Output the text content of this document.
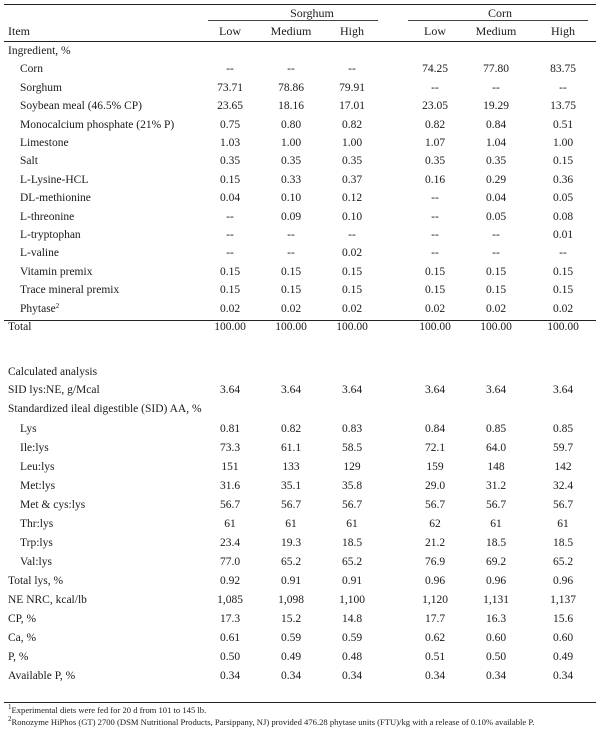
Sorghum	Corn
Item	Low	Medium	High	Low	Medium	High
Ingredient, %
Corn	--	--	--	74.25	77.80	83.75
Sorghum	73.71	78.86	79.91	--	--	--
Soybean meal (46.5% CP)	23.65	18.16	17.01	23.05	19.29	13.75
Monocalcium phosphate (21% P)	0.75	0.80	0.82	0.82	0.84	0.51
Limestone	1.03	1.00	1.00	1.07	1.04	1.00
Salt	0.35	0.35	0.35	0.35	0.35	0.15
L-Lysine-HCL	0.15	0.33	0.37	0.16	0.29	0.36
DL-methionine	0.04	0.10	0.12	--	0.04	0.05
L-threonine	--	0.09	0.10	--	0.05	0.08
L-tryptophan	--	--	--	--	--	0.01
L-valine	--	--	0.02	--	--	--
Vitamin premix	0.15	0.15	0.15	0.15	0.15	0.15
Trace mineral premix	0.15	0.15	0.15	0.15	0.15	0.15
Phytase$^2$	0.02	0.02	0.02	0.02	0.02	0.02
Total	100.00	100.00	100.00	100.00	100.00	100.00
Calculated analysis
SID lys:NE, g/Mcal	3.64	3.64	3.64	3.64	3.64	3.64
Standardized ileal digestible (SID) AA, %
Lys	0.81	0.82	0.83	0.84	0.85	0.85
Ile:lys	73.3	61.1	58.5	72.1	64.0	59.7
Leu:lys	151	133	129	159	148	142
Met:lys	31.6	35.1	35.8	29.0	31.2	32.4
Met & cys:lys	56.7	56.7	56.7	56.7	56.7	56.7
Thr:lys	61	61	61	62	61	61
Trp:lys	23.4	19.3	18.5	21.2	18.5	18.5
Val:lys	77.0	65.2	65.2	76.9	69.2	65.2
Total lys, %	0.92	0.91	0.91	0.96	0.96	0.96
NE NRC, kcal/lb	1,085	1,098	1,100	1,120	1,131	1,137
CP, %	17.3	15.2	14.8	17.7	16.3	15.6
Ca, %	0.61	0.59	0.59	0.62	0.60	0.60
P, %	0.50	0.49	0.48	0.51	0.50	0.49
Available P, %	0.34	0.34	0.34	0.34	0.34	0.34
$^1$Experimental diets were fed for 20 d from 101 to 145 lb.
$^2$Ronozyme HiPhos (GT) 2700 (DSM Nutritional Products, Parsippany, NJ) provided 476.28 phytase units (FTU)/kg with a release of 0.10% available P.
